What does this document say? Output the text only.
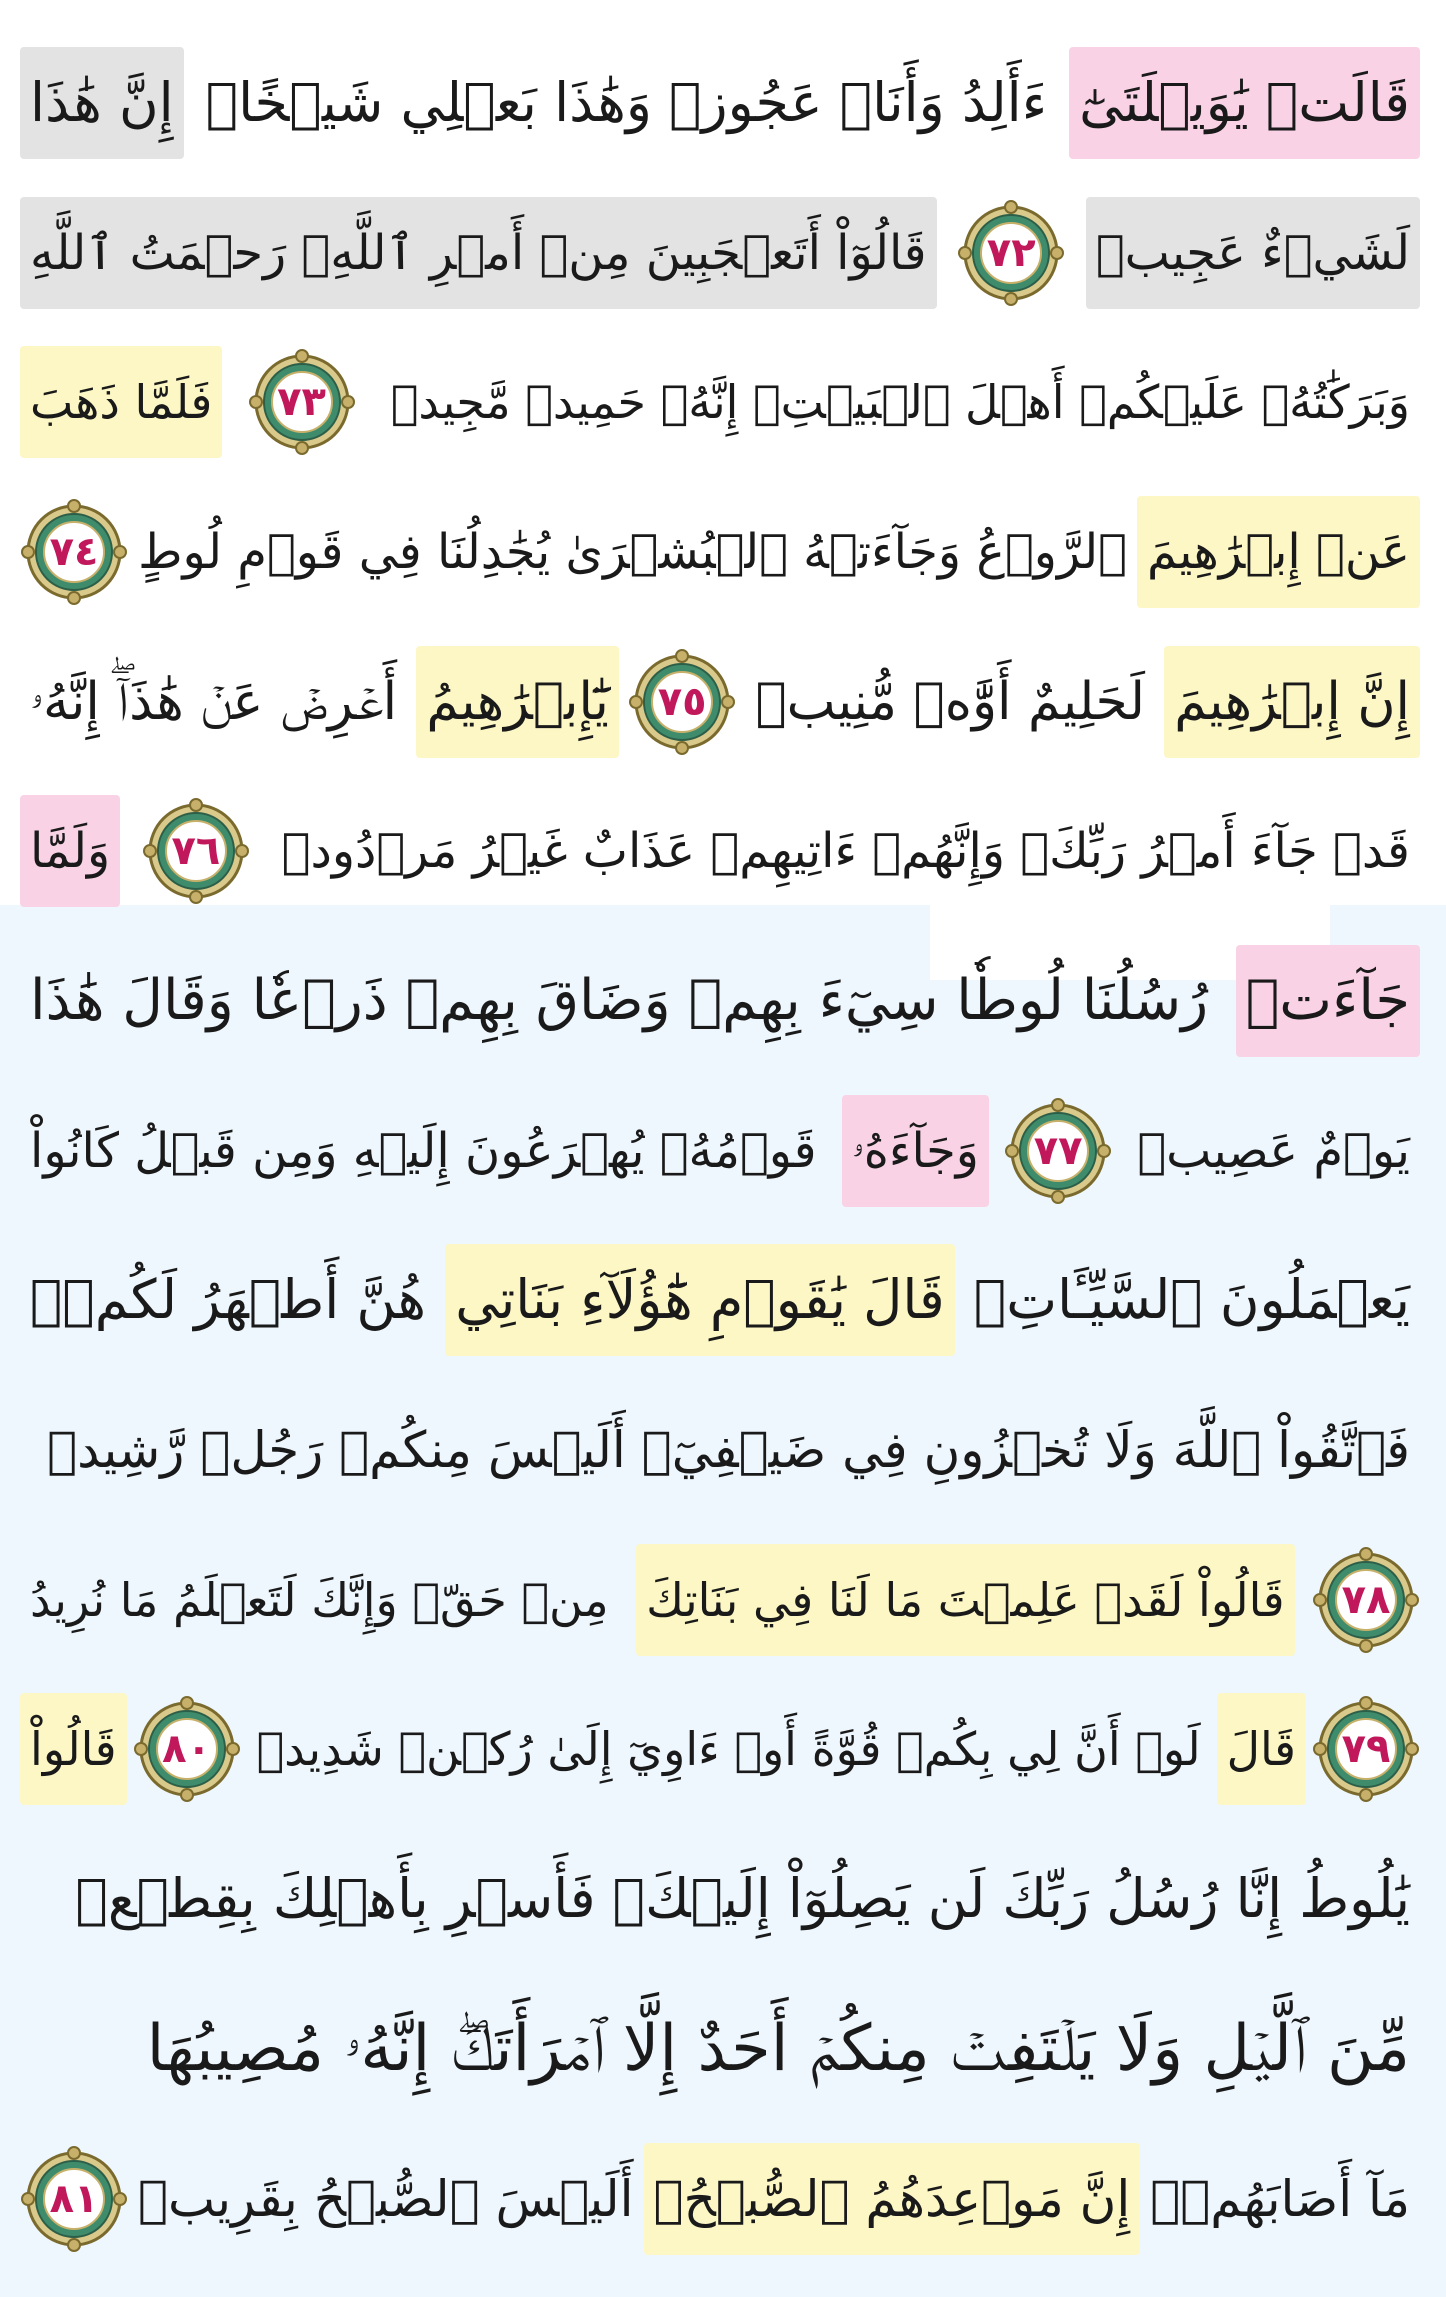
قَالَتۡ يَٰوَيۡلَتَىٰٓ
ءَأَلِدُ وَأَنَا۠ عَجُوزٞ وَهَٰذَا بَعۡلِي شَيۡخًاۖ
إِنَّ هَٰذَا
لَشَيۡءٌ عَجِيبٞ
٧٢
قَالُوٓاْ أَتَعۡجَبِينَ مِنۡ أَمۡرِ ٱللَّهِۖ رَحۡمَتُ ٱللَّهِ
وَبَرَكَٰتُهُۥ عَلَيۡكُمۡ أَهۡلَ ٱلۡبَيۡتِۚ إِنَّهُۥ حَمِيدٞ مَّجِيدٞ
٧٣
فَلَمَّا ذَهَبَ
عَنۡ إِبۡرَٰهِيمَ
ٱلرَّوۡعُ وَجَآءَتۡهُ ٱلۡبُشۡرَىٰ يُجَٰدِلُنَا فِي قَوۡمِ لُوطٍ
٧٤
إِنَّ إِبۡرَٰهِيمَ
لَحَلِيمٌ أَوَّٰهٞ مُّنِيبٞ
٧٥
يَٰٓإِبۡرَٰهِيمُ
أَعۡرِضۡ عَنۡ هَٰذَآۖ إِنَّهُۥ
قَدۡ جَآءَ أَمۡرُ رَبِّكَۖ وَإِنَّهُمۡ ءَاتِيهِمۡ عَذَابٌ غَيۡرُ مَرۡدُودٖ
٧٦
وَلَمَّا
جَآءَتۡ
رُسُلُنَا لُوطٗا سِيٓءَ بِهِمۡ وَضَاقَ بِهِمۡ ذَرۡعٗا وَقَالَ هَٰذَا
يَوۡمٌ عَصِيبٞ
٧٧
وَجَآءَهُۥ
قَوۡمُهُۥ يُهۡرَعُونَ إِلَيۡهِ وَمِن قَبۡلُ كَانُواْ
يَعۡمَلُونَ ٱلسَّيِّـَٔاتِۚ
قَالَ يَٰقَوۡمِ هَٰٓؤُلَآءِ بَنَاتِي
هُنَّ أَطۡهَرُ لَكُمۡۖ
فَٱتَّقُواْ ٱللَّهَ وَلَا تُخۡزُونِ فِي ضَيۡفِيٓۖ أَلَيۡسَ مِنكُمۡ رَجُلٞ رَّشِيدٞ
٧٨
قَالُواْ لَقَدۡ عَلِمۡتَ مَا لَنَا فِي بَنَاتِكَ
مِنۡ حَقّٖ وَإِنَّكَ لَتَعۡلَمُ مَا نُرِيدُ
٧٩
قَالَ
لَوۡ أَنَّ لِي بِكُمۡ قُوَّةً أَوۡ ءَاوِيٓ إِلَىٰ رُكۡنٖ شَدِيدٖ
٨٠
قَالُواْ
يَٰلُوطُ إِنَّا رُسُلُ رَبِّكَ لَن يَصِلُوٓاْ إِلَيۡكَۖ فَأَسۡرِ بِأَهۡلِكَ بِقِطۡعٖ
مِّنَ ٱلَّيۡلِ وَلَا يَلۡتَفِتۡ مِنكُمۡ أَحَدٌ إِلَّا ٱمۡرَأَتَكَۖ إِنَّهُۥ مُصِيبُهَا
مَآ أَصَابَهُمۡۚ
إِنَّ مَوۡعِدَهُمُ ٱلصُّبۡحُۚ
أَلَيۡسَ ٱلصُّبۡحُ بِقَرِيبٖ
٨١
